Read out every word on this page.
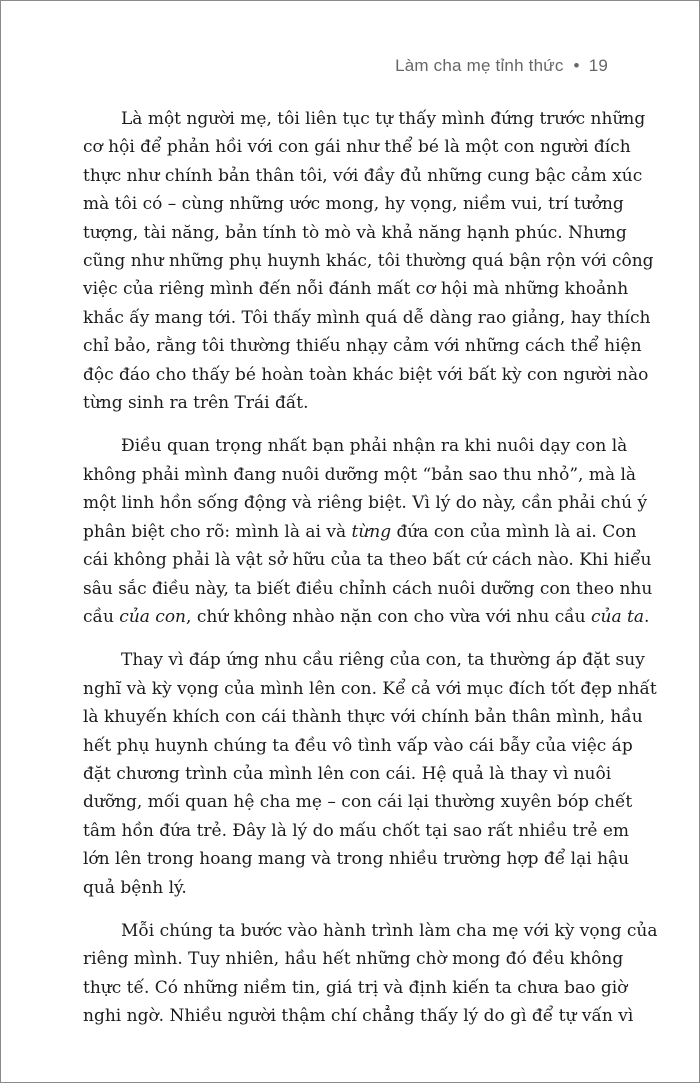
Làm cha mẹ tỉnh thức • 19
Là một người mẹ, tôi liên tục tự thấy mình đứng trước những
cơ hội để phản hồi với con gái như thể bé là một con người đích
thực như chính bản thân tôi, với đầy đủ những cung bậc cảm xúc
mà tôi có – cùng những ước mong, hy vọng, niềm vui, trí tưởng
tượng, tài năng, bản tính tò mò và khả năng hạnh phúc. Nhưng
cũng như những phụ huynh khác, tôi thường quá bận rộn với công
việc của riêng mình đến nỗi đánh mất cơ hội mà những khoảnh
khắc ấy mang tới. Tôi thấy mình quá dễ dàng rao giảng, hay thích
chỉ bảo, rằng tôi thường thiếu nhạy cảm với những cách thể hiện
độc đáo cho thấy bé hoàn toàn khác biệt với bất kỳ con người nào
từng sinh ra trên Trái đất.
Điều quan trọng nhất bạn phải nhận ra khi nuôi dạy con là
không phải mình đang nuôi dưỡng một “bản sao thu nhỏ”, mà là
một linh hồn sống động và riêng biệt. Vì lý do này, cần phải chú ý
phân biệt cho rõ: mình là ai và từng đứa con của mình là ai. Con
cái không phải là vật sở hữu của ta theo bất cứ cách nào. Khi hiểu
sâu sắc điều này, ta biết điều chỉnh cách nuôi dưỡng con theo nhu
cầu của con, chứ không nhào nặn con cho vừa với nhu cầu của ta.
Thay vì đáp ứng nhu cầu riêng của con, ta thường áp đặt suy
nghĩ và kỳ vọng của mình lên con. Kể cả với mục đích tốt đẹp nhất
là khuyến khích con cái thành thực với chính bản thân mình, hầu
hết phụ huynh chúng ta đều vô tình vấp vào cái bẫy của việc áp
đặt chương trình của mình lên con cái. Hệ quả là thay vì nuôi
dưỡng, mối quan hệ cha mẹ – con cái lại thường xuyên bóp chết
tâm hồn đứa trẻ. Đây là lý do mấu chốt tại sao rất nhiều trẻ em
lớn lên trong hoang mang và trong nhiều trường hợp để lại hậu
quả bệnh lý.
Mỗi chúng ta bước vào hành trình làm cha mẹ với kỳ vọng của
riêng mình. Tuy nhiên, hầu hết những chờ mong đó đều không
thực tế. Có những niềm tin, giá trị và định kiến ta chưa bao giờ
nghi ngờ. Nhiều người thậm chí chẳng thấy lý do gì để tự vấn vì
